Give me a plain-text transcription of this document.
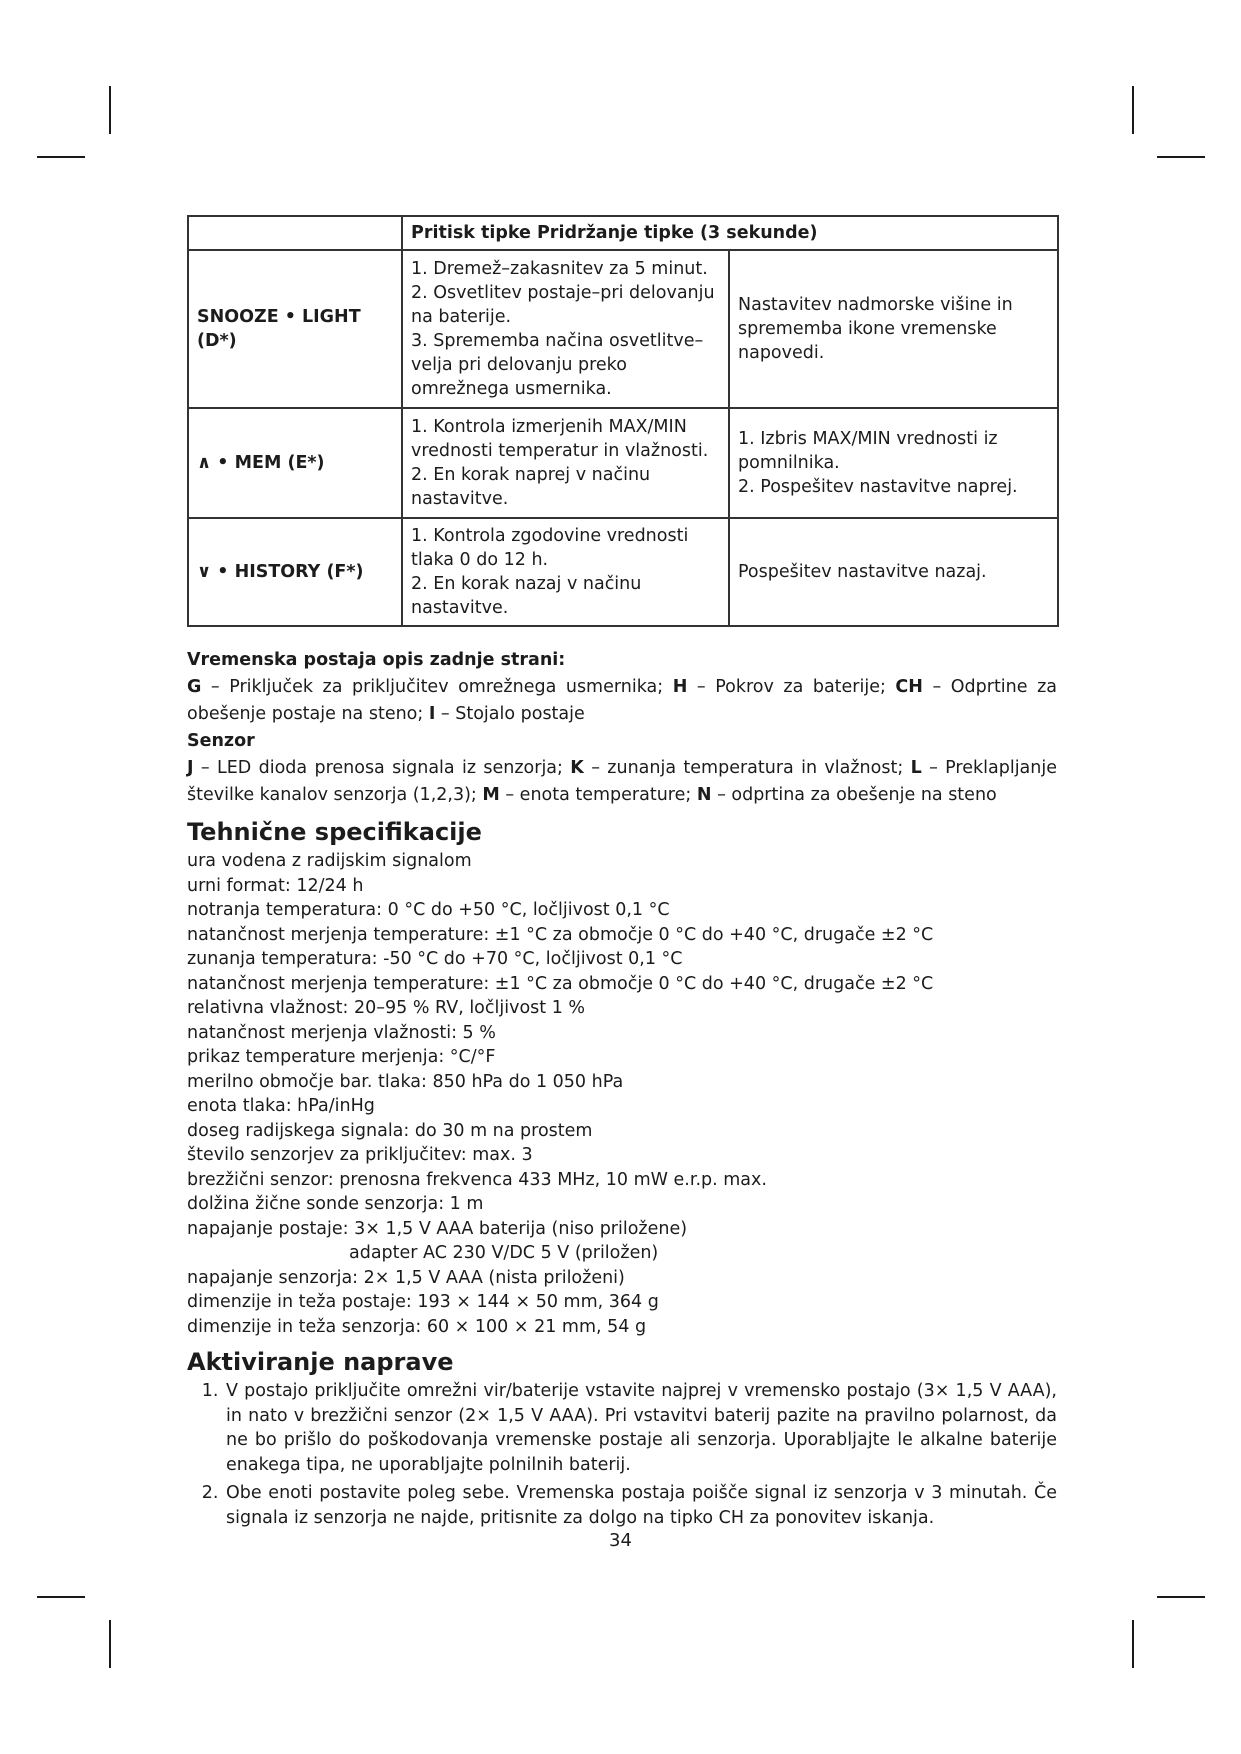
	Pritisk tipke Pridržanje tipke (3 sekunde)	
SNOOZE • LIGHT (D*)	1. Dremež–zakasnitev za 5 minut.
2. Osvetlitev postaje–pri delovanju na baterije.
3. Sprememba načina osvetlitve–velja pri delovanju preko omrežnega usmernika.	Nastavitev nadmorske višine in sprememba ikone vremenske napovedi.

∧ • MEM (E*)	1. Kontrola izmerjenih MAX/MIN vrednosti temperatur in vlažnosti.
2. En korak naprej v načinu nastavitve.	1. Izbris MAX/MIN vrednosti iz pomnilnika.
2. Pospešitev nastavitve naprej.

∨ • HISTORY (F*)	1. Kontrola zgodovine vrednosti tlaka 0 do 12 h.
2. En korak nazaj v načinu nastavitve.	Pospešitev nastavitve nazaj.
Vremenska postaja opis zadnje strani:
G – Priključek za priključitev omrežnega usmernika; H – Pokrov za baterije; CH – Odprtine za obešenje postaje na steno; I – Stojalo postaje
Senzor
J – LED dioda prenosa signala iz senzorja; K – zunanja temperatura in vlažnost; L – Preklapljanje številke kanalov senzorja (1,2,3); M – enota temperature; N – odprtina za obešenje na steno
Tehnične specifikacije
ura vodena z radijskim signalom
urni format: 12/24 h
notranja temperatura: 0 °C do +50 °C, ločljivost 0,1 °C
natančnost merjenja temperature: ±1 °C za območje 0 °C do +40 °C, drugače ±2 °C
zunanja temperatura: -50 °C do +70 °C, ločljivost 0,1 °C
natančnost merjenja temperature: ±1 °C za območje 0 °C do +40 °C, drugače ±2 °C
relativna vlažnost: 20–95 % RV, ločljivost 1 %
natančnost merjenja vlažnosti: 5 %
prikaz temperature merjenja: °C/°F
merilno območje bar. tlaka: 850 hPa do 1 050 hPa
enota tlaka: hPa/inHg
doseg radijskega signala: do 30 m na prostem
število senzorjev za priključitev: max. 3
brezžični senzor: prenosna frekvenca 433 MHz, 10 mW e.r.p. max.
dolžina žične sonde senzorja: 1 m
napajanje postaje: 3× 1,5 V AAA baterija (niso priložene)
adapter AC 230 V/DC 5 V (priložen)
napajanje senzorja: 2× 1,5 V AAA (nista priloženi)
dimenzije in teža postaje: 193 × 144 × 50 mm, 364 g
dimenzije in teža senzorja: 60 × 100 × 21 mm, 54 g
Aktiviranje naprave
1. V postajo priključite omrežni vir/baterije vstavite najprej v vremensko postajo (3× 1,5 V AAA), in nato v brezžični senzor (2× 1,5 V AAA). Pri vstavitvi baterij pazite na pravilno polarnost, da ne bo prišlo do poškodovanja vremenske postaje ali senzorja. Uporabljajte le alkalne baterije enakega tipa, ne uporabljajte polnilnih baterij.
2. Obe enoti postavite poleg sebe. Vremenska postaja poišče signal iz senzorja v 3 minutah. Če signala iz senzorja ne najde, pritisnite za dolgo na tipko CH za ponovitev iskanja.
34
